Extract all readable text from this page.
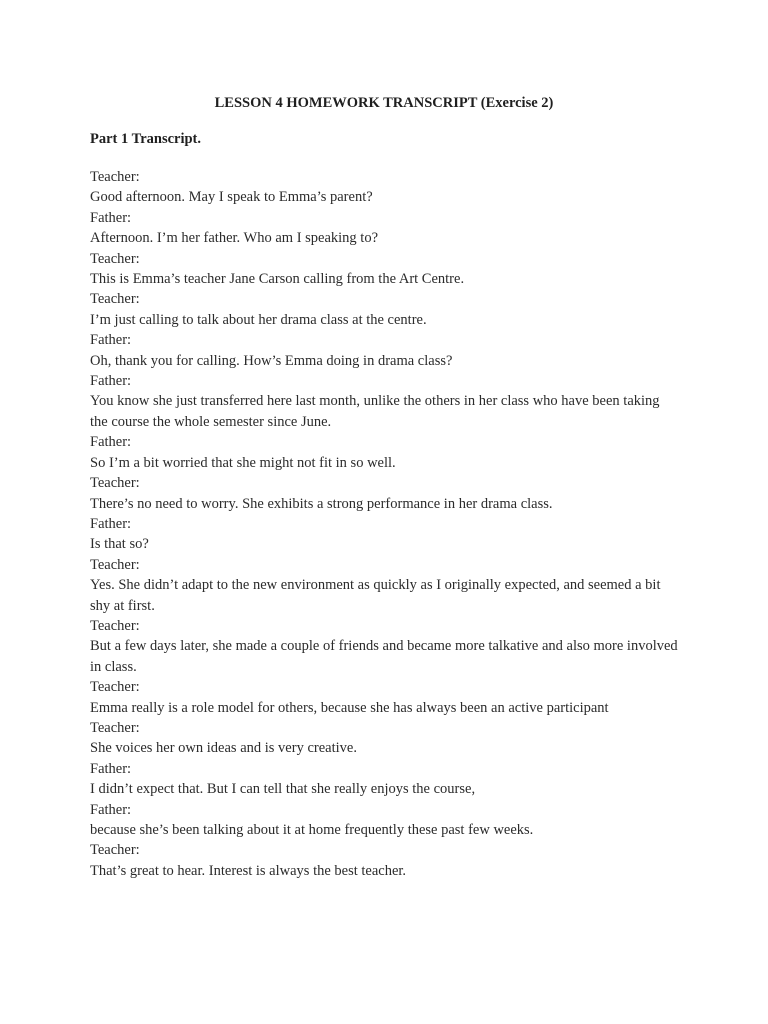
LESSON 4 HOMEWORK TRANSCRIPT (Exercise 2)
Part 1 Transcript.

Teacher:

Good afternoon. May I speak to Emma’s parent?

Father:

Afternoon. I’m her father. Who am I speaking to?

Teacher:

This is Emma’s teacher Jane Carson calling from the Art Centre.

Teacher:

I’m just calling to talk about her drama class at the centre.

Father:

Oh, thank you for calling. How’s Emma doing in drama class?

Father:

You know she just transferred here last month, unlike the others in her class who have been taking the course the whole semester since June.

Father:

So I’m a bit worried that she might not fit in so well.

Teacher:

There’s no need to worry. She exhibits a strong performance in her drama class.

Father:

Is that so?

Teacher:

Yes. She didn’t adapt to the new environment as quickly as I originally expected, and seemed a bit shy at first.

Teacher:

But a few days later, she made a couple of friends and became more talkative and also more involved in class.

Teacher:

Emma really is a role model for others, because she has always been an active participant

Teacher:

She voices her own ideas and is very creative.

Father:

I didn’t expect that. But I can tell that she really enjoys the course,

Father:

because she’s been talking about it at home frequently these past few weeks.

Teacher:

That’s great to hear. Interest is always the best teacher.
